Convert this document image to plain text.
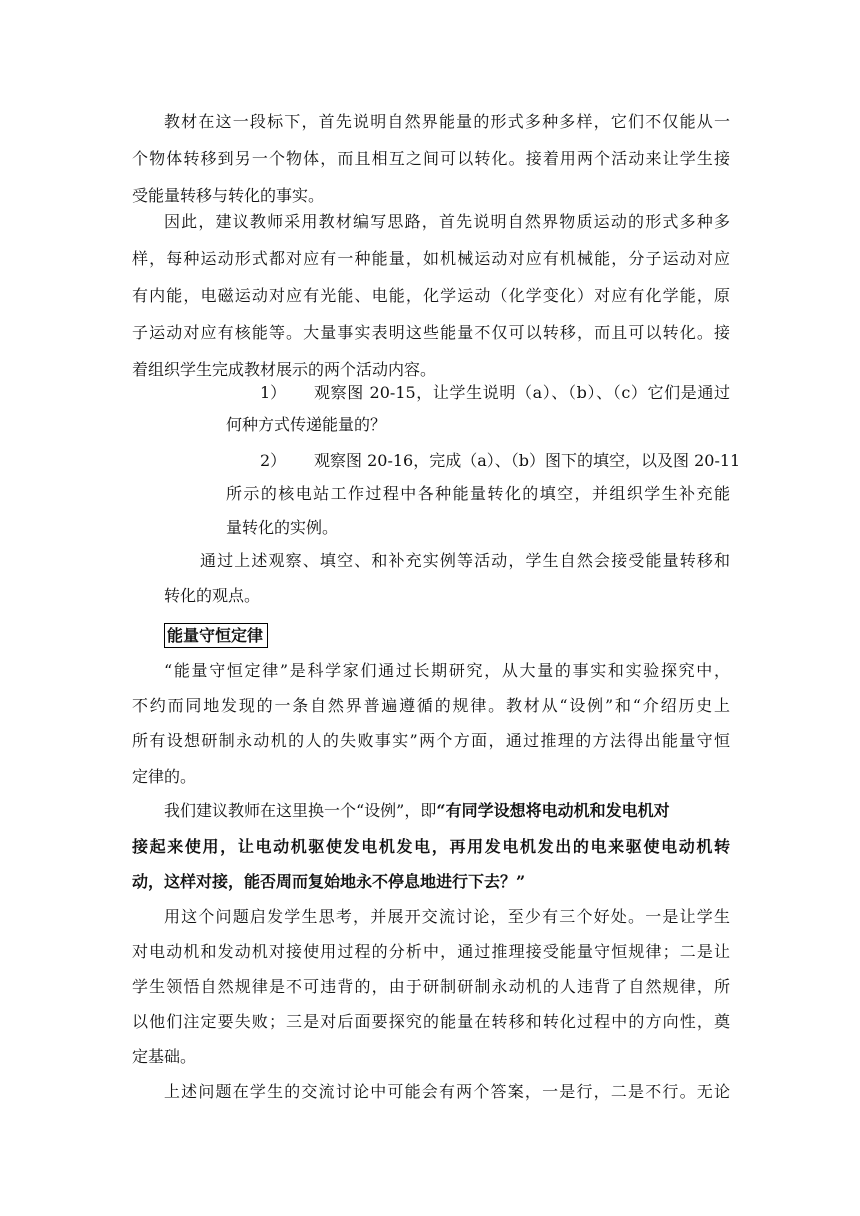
教材在这一段标下，首先说明自然界能量的形式多种多样，它们不仅能从一
个物体转移到另一个物体，而且相互之间可以转化。接着用两个活动来让学生接
受能量转移与转化的事实。
因此，建议教师采用教材编写思路，首先说明自然界物质运动的形式多种多
样，每种运动形式都对应有一种能量，如机械运动对应有机械能，分子运动对应
有内能，电磁运动对应有光能、电能，化学运动（化学变化）对应有化学能，原
子运动对应有核能等。大量事实表明这些能量不仅可以转移，而且可以转化。接
着组织学生完成教材展示的两个活动内容。
1） 观察图 20-15，让学生说明（a）、（b）、（c）它们是通过
何种方式传递能量的？
2） 观察图 20-16，完成（a）、（b）图下的填空，以及图 20-11
所示的核电站工作过程中各种能量转化的填空，并组织学生补充能
量转化的实例。
通过上述观察、填空、和补充实例等活动，学生自然会接受能量转移和
转化的观点。
能量守恒定律
“能量守恒定律”是科学家们通过长期研究，从大量的事实和实验探究中，
不约而同地发现的一条自然界普遍遵循的规律。教材从“设例”和“介绍历史上
所有设想研制永动机的人的失败事实”两个方面，通过推理的方法得出能量守恒
定律的。
我们建议教师在这里换一个“设例”，即“有同学设想将电动机和发电机对
接起来使用，让电动机驱使发电机发电，再用发电机发出的电来驱使电动机转
动，这样对接，能否周而复始地永不停息地进行下去？”
用这个问题启发学生思考，并展开交流讨论，至少有三个好处。一是让学生
对电动机和发动机对接使用过程的分析中，通过推理接受能量守恒规律；二是让
学生领悟自然规律是不可违背的，由于研制研制永动机的人违背了自然规律，所
以他们注定要失败；三是对后面要探究的能量在转移和转化过程中的方向性，奠
定基础。
上述问题在学生的交流讨论中可能会有两个答案，一是行，二是不行。无论
